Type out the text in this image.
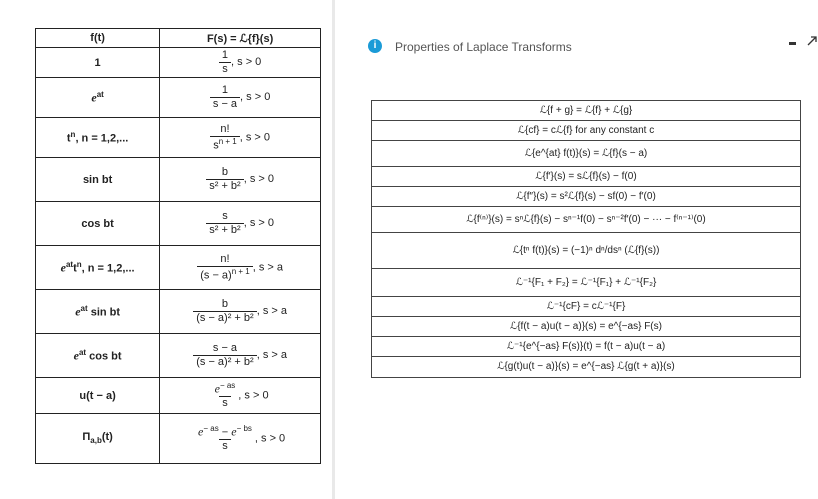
f(t)	F(s) = ℒ{f}(s)
1	$\frac{1}{s}$ , s > 0
$e^{at}$	$\frac{1}{s - a}$ , s > 0
$t^n$, n = 1,2,...	$\frac{n!}{s^{n + 1}}$ , s > 0
sin bt	$\frac{b}{\text{s² + b²}}$ , s > 0
cos bt	$\frac{s}{\text{s² + b²}}$ , s > 0
$e^{at}t^n$, n = 1,2,...	$\frac{n!}{(s - a)^{n + 1}}$ , s > a
$e^{at}$ sin bt	$\frac{b}{\text{(s − a)² + b²}}$ , s > a
$e^{at}$ cos bt	$\frac{s - a}{\text{(s − a)² + b²}}$ , s > a
u(t − a)	$\frac{e^{- as}}{s}$ , s > 0
$\Pi_{a,b}(t)$	$\frac{e^{- as} - e^{- bs}}{s}$ , s > 0
i	Properties of Laplace Transforms
ℒ{f + g} = ℒ{f} + ℒ{g}
ℒ{cf} = cℒ{f} for any constant c
ℒ{e^{at} f(t)}(s) = ℒ{f}(s − a)
ℒ{f′}(s) = sℒ{f}(s) − f(0)
ℒ{f″}(s) = s²ℒ{f}(s) − sf(0) − f′(0)
ℒ{f⁽ⁿ⁾}(s) = sⁿℒ{f}(s) − sⁿ⁻¹f(0) − sⁿ⁻²f′(0) − ··· − f⁽ⁿ⁻¹⁾(0)
ℒ{tⁿ f(t)}(s) = (−1)ⁿ dⁿ/dsⁿ (ℒ{f}(s))
ℒ⁻¹{F₁ + F₂} = ℒ⁻¹{F₁} + ℒ⁻¹{F₂}
ℒ⁻¹{cF} = cℒ⁻¹{F}
ℒ{f(t − a)u(t − a)}(s) = e^{−as} F(s)
ℒ⁻¹{e^{−as} F(s)}(t) = f(t − a)u(t − a)
ℒ{g(t)u(t − a)}(s) = e^{−as} ℒ{g(t + a)}(s)
